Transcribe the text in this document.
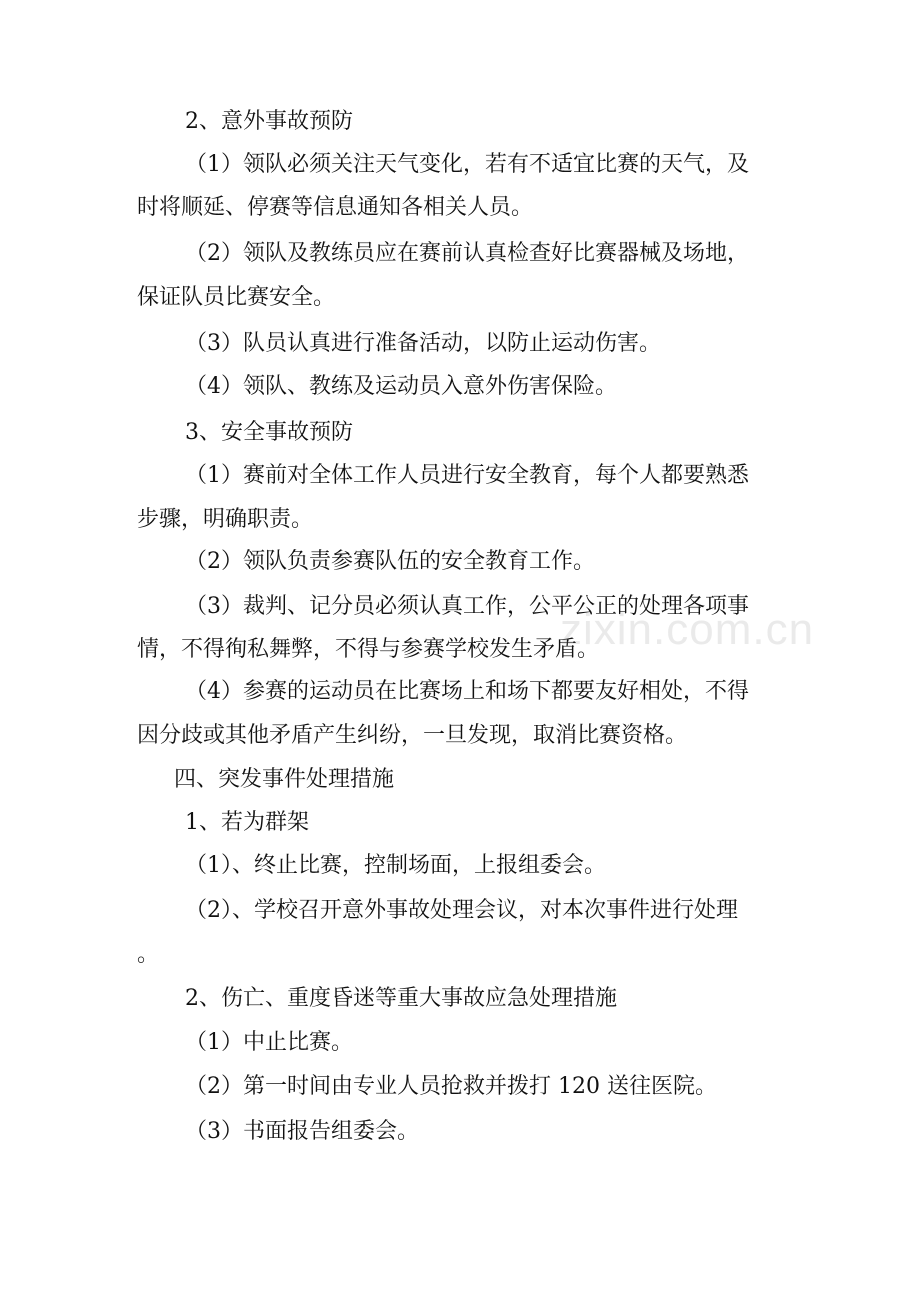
2、意外事故预防
（1）领队必须关注天气变化，若有不适宜比赛的天气，及
时将顺延、停赛等信息通知各相关人员。
（2）领队及教练员应在赛前认真检查好比赛器械及场地，
保证队员比赛安全。
（3）队员认真进行准备活动，以防止运动伤害。
（4）领队、教练及运动员入意外伤害保险。
3、安全事故预防
（1）赛前对全体工作人员进行安全教育，每个人都要熟悉
步骤，明确职责。
（2）领队负责参赛队伍的安全教育工作。
（3）裁判、记分员必须认真工作，公平公正的处理各项事
情，不得徇私舞弊，不得与参赛学校发生矛盾。
（4）参赛的运动员在比赛场上和场下都要友好相处，不得
因分歧或其他矛盾产生纠纷，一旦发现，取消比赛资格。
四、突发事件处理措施
1、若为群架
（1）、终止比赛，控制场面，上报组委会。
（2）、学校召开意外事故处理会议，对本次事件进行处理
。
2、伤亡、重度昏迷等重大事故应急处理措施
（1）中止比赛。
（2）第一时间由专业人员抢救并拨打 120 送往医院。
（3）书面报告组委会。
zixin.com.cn
